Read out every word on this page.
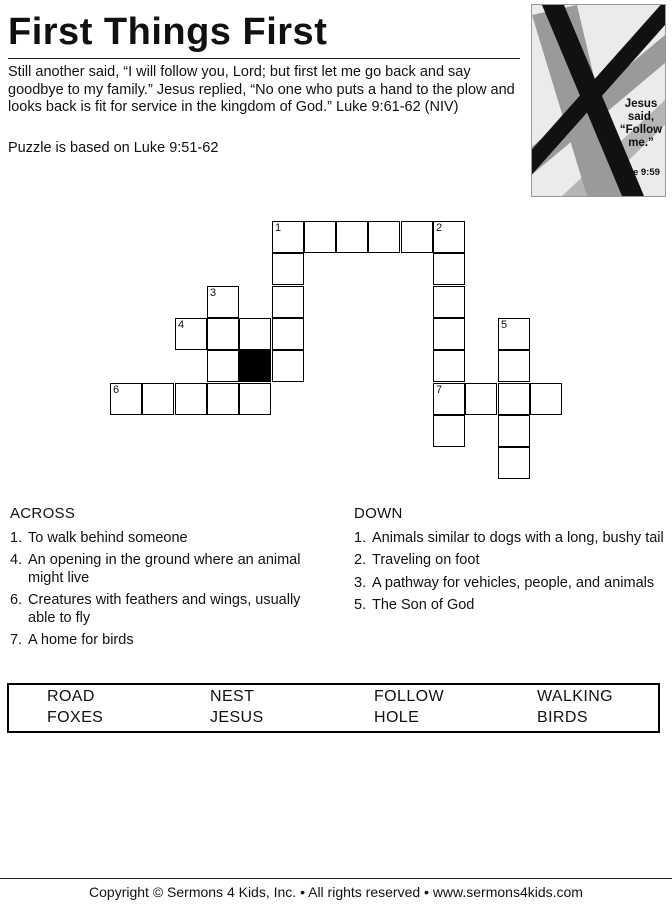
First Things First
Still another said, “I will follow you, Lord; but first let me go back and say goodbye to my family.” Jesus replied, “No one who puts a hand to the plow and looks back is fit for service in the kingdom of God.” Luke 9:61-62 (NIV)
Puzzle is based on Luke 9:51-62
Jesus
said,
“Follow
me.”
Luke 9:59
1	2
3
4	5
6	7
ACROSS
1. To walk behind someone
4. An opening in the ground where an animal might live
6. Creatures with feathers and wings, usually able to fly
7. A home for birds
DOWN
1. Animals similar to dogs with a long, bushy tail
2. Traveling on foot
3. A pathway for vehicles, people, and animals
5. The Son of God
ROAD	NEST	FOLLOW	WALKING
FOXES	JESUS	HOLE	BIRDS
Copyright © Sermons 4 Kids, Inc. • All rights reserved • www.sermons4kids.com
